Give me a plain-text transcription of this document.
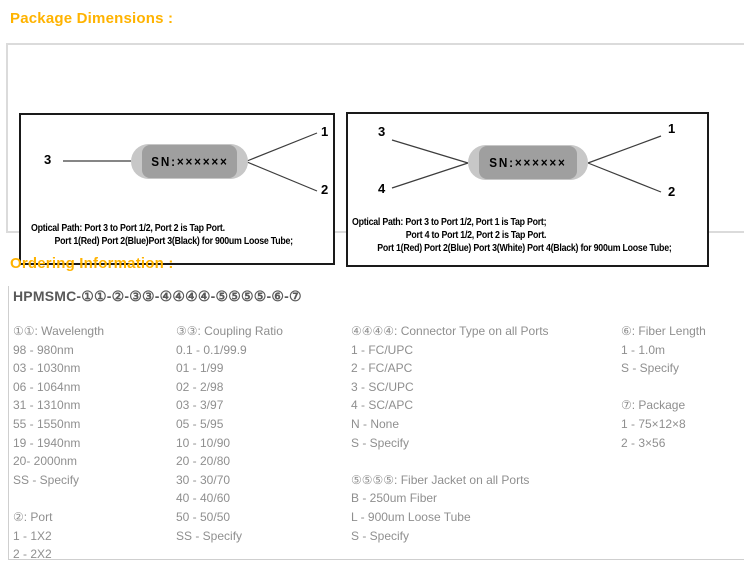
Package Dimensions :
SN:××××××
3
1
2
Optical Path: Port 3 to Port 1/2, Port 2 is Tap Port.
Port 1(Red) Port 2(Blue)Port 3(Black) for 900um Loose Tube;
SN:××××××
3
4
1
2
Optical Path: Port 3 to Port 1/2, Port 1 is Tap Port;
Port 4 to Port 1/2, Port 2 is Tap Port.
Port 1(Red) Port 2(Blue) Port 3(White) Port 4(Black) for 900um Loose Tube;
Ordering Information :
HPMSMC-①①-②-③③-④④④④-⑤⑤⑤⑤-⑥-⑦
①①: Wavelength
98 - 980nm
03 - 1030nm
06 - 1064nm
31 - 1310nm
55 - 1550nm
19 - 1940nm
20- 2000nm
SS - Specify

②: Port
1 - 1X2
2 - 2X2
③③: Coupling Ratio
0.1 - 0.1/99.9
01 - 1/99
02 - 2/98
03 - 3/97
05 - 5/95
10 - 10/90
20 - 20/80
30 - 30/70
40 - 40/60
50 - 50/50
SS - Specify
④④④④: Connector Type on all Ports
1 - FC/UPC
2 - FC/APC
3 - SC/UPC
4 - SC/APC
N - None
S - Specify

⑤⑤⑤⑤: Fiber Jacket on all Ports
B - 250um Fiber
L - 900um Loose Tube
S - Specify
⑥: Fiber Length
1 - 1.0m
S - Specify

⑦: Package
1 - 75×12×8
2 - 3×56
